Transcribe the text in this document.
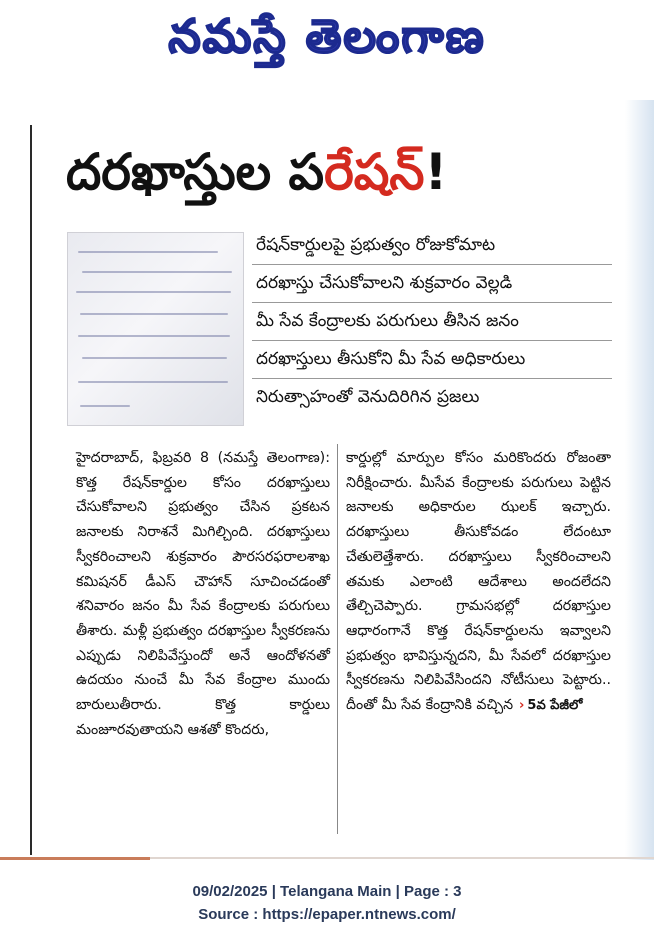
నమస్తే తెలంగాణ
దరఖాస్తుల పరేషన్!
రేషన్‌కార్డులపై ప్రభుత్వం రోజుకోమాట
దరఖాస్తు చేసుకోవాలని శుక్రవారం వెల్లడి
మీ సేవ కేంద్రాలకు పరుగులు తీసిన జనం
దరఖాస్తులు తీసుకోని మీ సేవ అధికారులు
నిరుత్సాహంతో వెనుదిరిగిన ప్రజలు
హైదరాబాద్, ఫిబ్రవరి 8 (నమస్తే తెలంగాణ): కొత్త రేషన్‌కార్డుల కోసం దరఖాస్తులు చేసుకోవాలని ప్రభుత్వం చేసిన ప్రకటన జనాలకు నిరాశనే మిగిల్చింది. దరఖాస్తులు స్వీకరించాలని శుక్రవారం పౌరసరఫరాలశాఖ కమిషనర్ డీఎస్ చౌహాన్ సూచించడంతో శనివారం జనం మీ సేవ కేంద్రాలకు పరుగులు తీశారు. మళ్లీ ప్రభుత్వం దరఖాస్తుల స్వీకరణను ఎప్పుడు నిలిపివేస్తుందో అనే ఆందోళనతో ఉదయం నుంచే మీ సేవ కేంద్రాల ముందు బారులుతీరారు. కొత్త కార్డులు మంజూరవుతాయని ఆశతో కొందరు,
కార్డుల్లో మార్పుల కోసం మరికొందరు రోజంతా నిరీక్షించారు. మీసేవ కేంద్రాలకు పరుగులు పెట్టిన జనాలకు అధికారుల ఝలక్ ఇచ్చారు. దరఖాస్తులు తీసుకోవడం లేదంటూ చేతులెత్తేశారు. దరఖాస్తులు స్వీకరించాలని తమకు ఎలాంటి ఆదేశాలు అందలేదని తేల్చిచెప్పారు. గ్రామసభల్లో దరఖాస్తుల ఆధారంగానే కొత్త రేషన్‌కార్డులను ఇవ్వాలని ప్రభుత్వం భావిస్తున్నదని, మీ సేవలో దరఖాస్తుల స్వీకరణను నిలిపివేసిందని నోటీసులు పెట్టారు.. దీంతో మీ సేవ కేంద్రానికి వచ్చిన › 5వ పేజీలో
09/02/2025 | Telangana Main | Page : 3
Source : https://epaper.ntnews.com/
